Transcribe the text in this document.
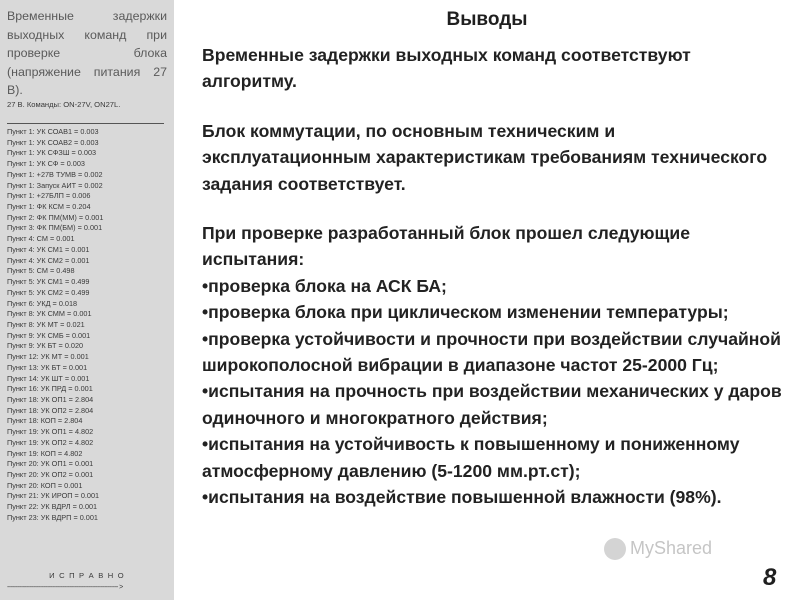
Временные задержки выходных команд при проверке блока (напряжение питания 27 В).
27 В. Команды: ON-27V, ON27L.
Пункт 1: УК СОАВ1 = 0.003
Пункт 1: УК СОАВ2 = 0.003
Пункт 1: УК СФЗШ = 0.003
Пункт 1: УК СФ = 0.003
Пункт 1: +27В ТУМВ = 0.002
Пункт 1: Запуск АИТ = 0.002
Пункт 1: +27БЛП = 0.006
Пункт 1: ФК КСМ = 0.204
Пункт 2: ФК ПМ(ММ) = 0.001
Пункт 3: ФК ПМ(БМ) = 0.001
Пункт 4: СМ = 0.001
Пункт 4: УК СМ1 = 0.001
Пункт 4: УК СМ2 = 0.001
Пункт 5: СМ = 0.498
Пункт 5: УК СМ1 = 0.499
Пункт 5: УК СМ2 = 0.499
Пункт 6: УКД = 0.018
Пункт 8: УК СММ = 0.001
Пункт 8: УК МТ = 0.021
Пункт 9: УК СМБ = 0.001
Пункт 9: УК БТ = 0.020
Пункт 12: УК МТ = 0.001
Пункт 13: УК БТ = 0.001
Пункт 14: УК ШТ = 0.001
Пункт 16: УК ПРД = 0.001
Пункт 18: УК ОП1 = 2.804
Пункт 18: УК ОП2 = 2.804
Пункт 18: КОП = 2.804
Пункт 19: УК ОП1 = 4.802
Пункт 19: УК ОП2 = 4.802
Пункт 19: КОП = 4.802
Пункт 20: УК ОП1 = 0.001
Пункт 20: УК ОП2 = 0.001
Пункт 20: КОП = 0.001
Пункт 21: УК ИРОП = 0.001
Пункт 22: УК ВДРЛ = 0.001
Пункт 23: УК ВДРП = 0.001
И С П Р А В Н О
---------------------------------------------------------------- >
Выводы

Временные задержки выходных команд соответствуют алгоритму.

Блок коммутации, по основным техническим и эксплуатационным характеристикам требованиям технического задания соответствует.

При проверке разработанный блок прошел следующие испытания:

•проверка блока на АСК БА;

•проверка блока при циклическом изменении температуры;

•проверка устойчивости и прочности при воздействии случайной широкополосной вибрации в диапазоне частот 25-2000 Гц;

•испытания на прочность при воздействии механических у даров одиночного и многократного действия;

•испытания на устойчивость к повышенному и пониженному атмосферному давлению (5-1200 мм.рт.ст);

•испытания на воздействие повышенной влажности (98%).

MyShared
8
